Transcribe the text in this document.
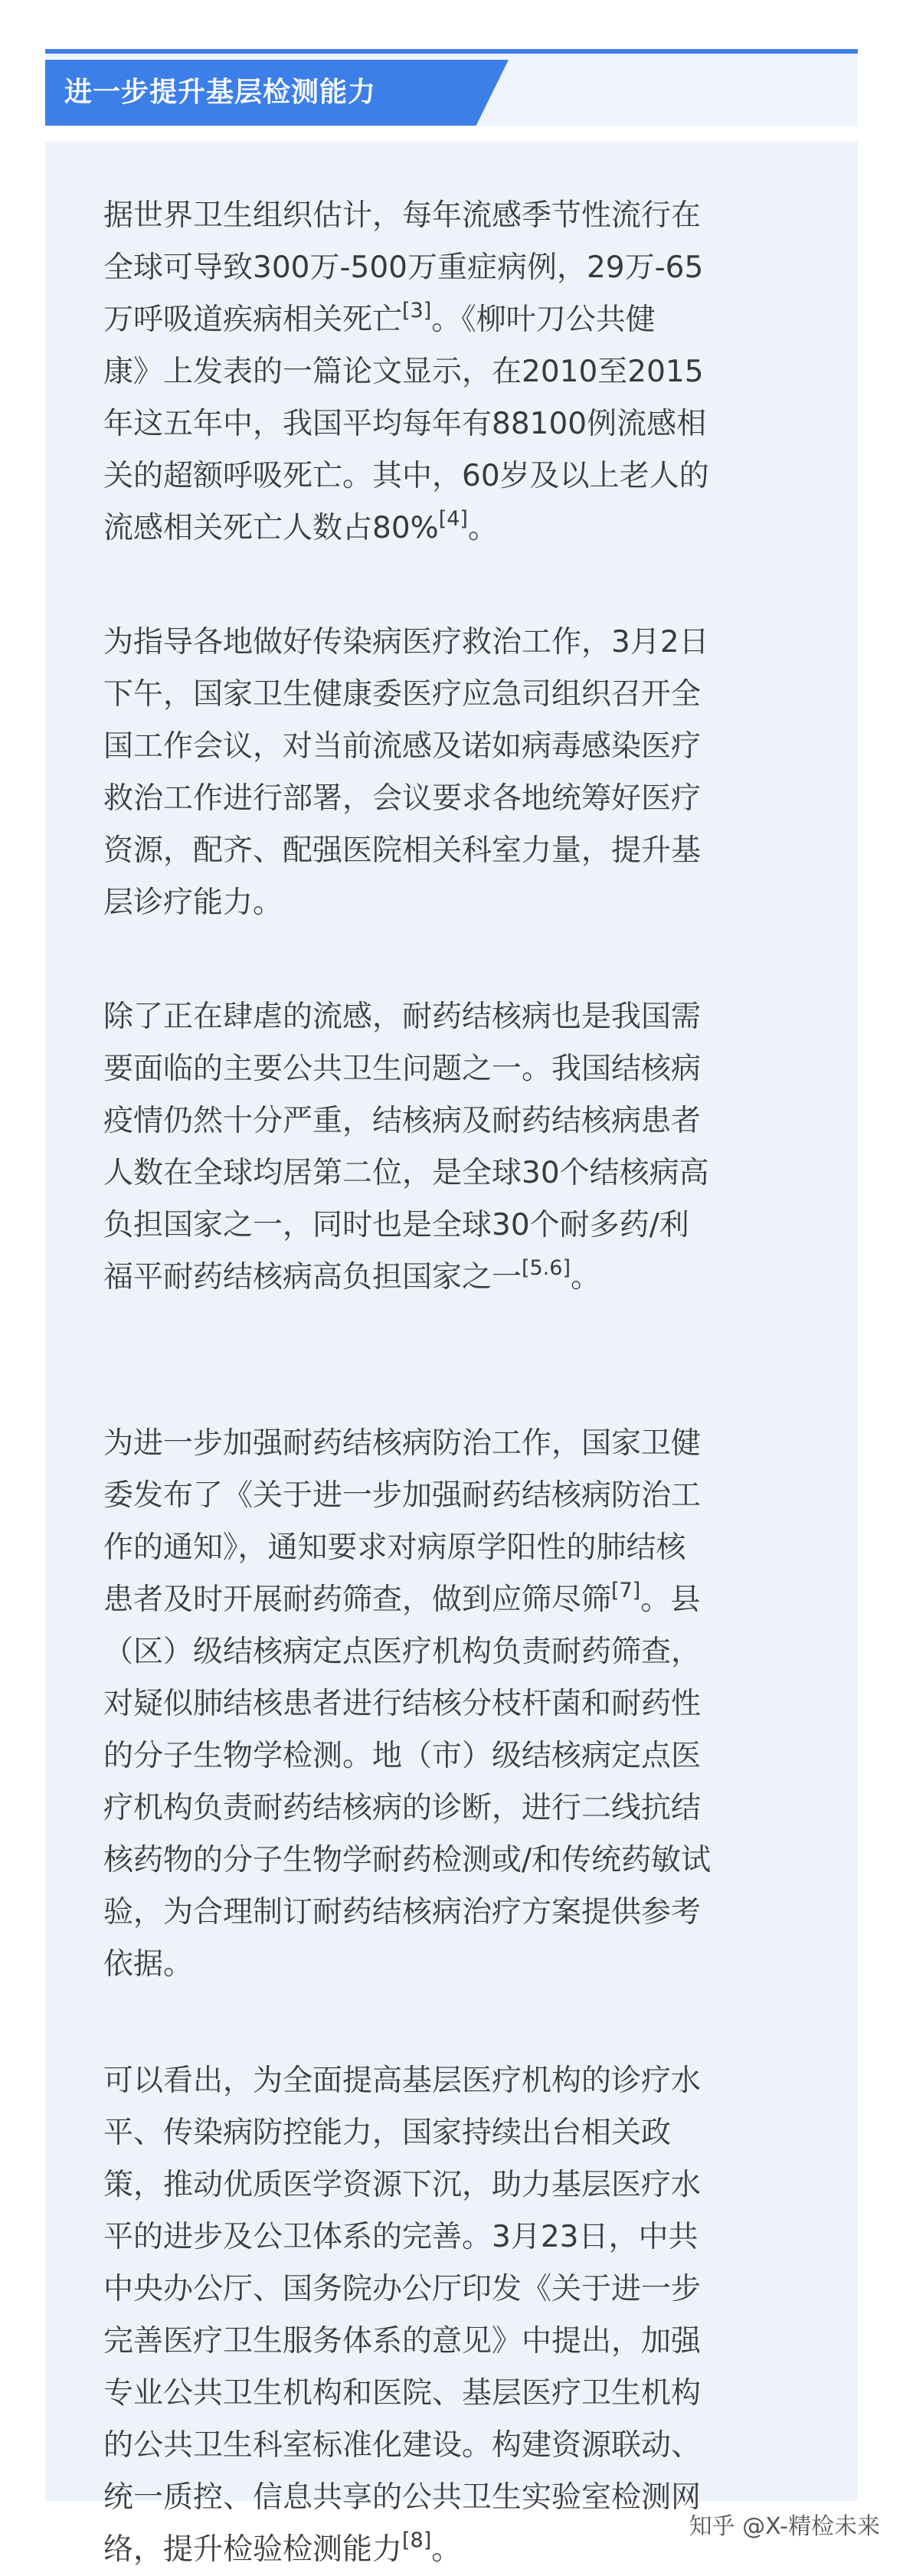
进一步提升基层检测能力
据世界卫生组织估计，每年流感季节性流行在
全球可导致300万-500万重症病例，29万-65
万呼吸道疾病相关死亡[3]。《柳叶刀公共健
康》上发表的一篇论文显示，在2010至2015
年这五年中，我国平均每年有88100例流感相
关的超额呼吸死亡。其中，60岁及以上老人的
流感相关死亡人数占80%[4]。
为指导各地做好传染病医疗救治工作，3月2日
下午，国家卫生健康委医疗应急司组织召开全
国工作会议，对当前流感及诺如病毒感染医疗
救治工作进行部署，会议要求各地统筹好医疗
资源，配齐、配强医院相关科室力量，提升基
层诊疗能力。
除了正在肆虐的流感，耐药结核病也是我国需
要面临的主要公共卫生问题之一。我国结核病
疫情仍然十分严重，结核病及耐药结核病患者
人数在全球均居第二位，是全球30个结核病高
负担国家之一，同时也是全球30个耐多药/利
福平耐药结核病高负担国家之一[5.6]。
为进一步加强耐药结核病防治工作，国家卫健
委发布了《关于进一步加强耐药结核病防治工
作的通知》，通知要求对病原学阳性的肺结核
患者及时开展耐药筛查，做到应筛尽筛[7]。县
（区）级结核病定点医疗机构负责耐药筛查，
对疑似肺结核患者进行结核分枝杆菌和耐药性
的分子生物学检测。地（市）级结核病定点医
疗机构负责耐药结核病的诊断，进行二线抗结
核药物的分子生物学耐药检测或/和传统药敏试
验，为合理制订耐药结核病治疗方案提供参考
依据。
可以看出，为全面提高基层医疗机构的诊疗水
平、传染病防控能力，国家持续出台相关政
策，推动优质医学资源下沉，助力基层医疗水
平的进步及公卫体系的完善。3月23日，中共
中央办公厅、国务院办公厅印发《关于进一步
完善医疗卫生服务体系的意见》中提出，加强
专业公共卫生机构和医院、基层医疗卫生机构
的公共卫生科室标准化建设。构建资源联动、
统一质控、信息共享的公共卫生实验室检测网
络，提升检验检测能力[8]。
知乎 @X-精检未来
